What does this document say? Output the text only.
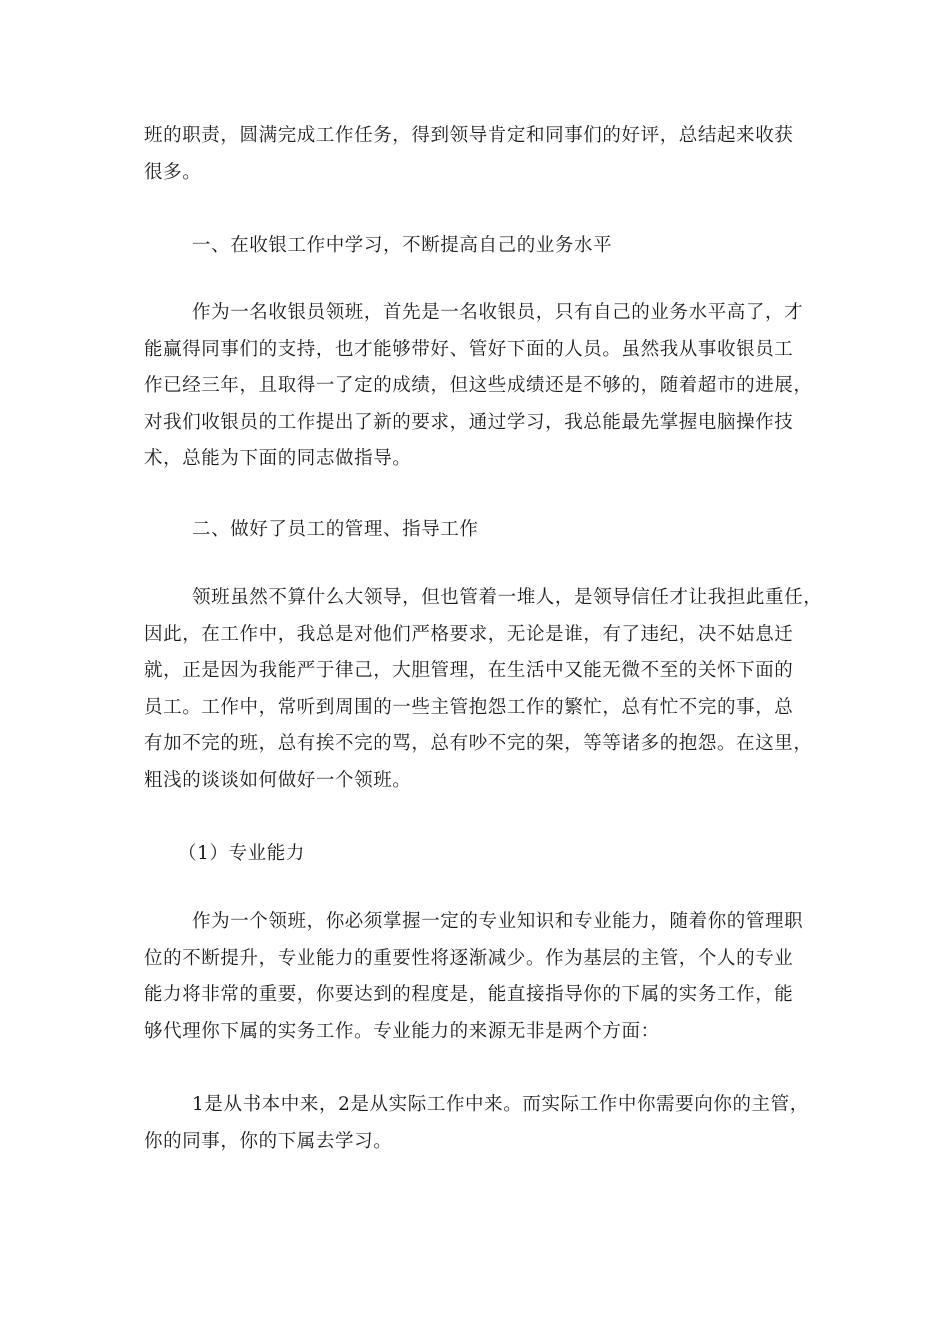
班的职责，圆满完成工作任务，得到领导肯定和同事们的好评，总结起来收获
很多。

一、在收银工作中学习，不断提高自己的业务水平

作为一名收银员领班，首先是一名收银员，只有自己的业务水平高了，才
能赢得同事们的支持，也才能够带好、管好下面的人员。虽然我从事收银员工
作已经三年，且取得一了定的成绩，但这些成绩还是不够的，随着超市的进展，
对我们收银员的工作提出了新的要求，通过学习，我总能最先掌握电脑操作技
术，总能为下面的同志做指导。

二、做好了员工的管理、指导工作

领班虽然不算什么大领导，但也管着一堆人，是领导信任才让我担此重任，
因此，在工作中，我总是对他们严格要求，无论是谁，有了违纪，决不姑息迁
就，正是因为我能严于律己，大胆管理，在生活中又能无微不至的关怀下面的
员工。工作中，常听到周围的一些主管抱怨工作的繁忙，总有忙不完的事，总
有加不完的班，总有挨不完的骂，总有吵不完的架，等等诸多的抱怨。在这里，
粗浅的谈谈如何做好一个领班。

（1）专业能力

作为一个领班，你必须掌握一定的专业知识和专业能力，随着你的管理职
位的不断提升，专业能力的重要性将逐渐减少。作为基层的主管，个人的专业
能力将非常的重要，你要达到的程度是，能直接指导你的下属的实务工作，能
够代理你下属的实务工作。专业能力的来源无非是两个方面：

1是从书本中来，2是从实际工作中来。而实际工作中你需要向你的主管，
你的同事，你的下属去学习。
